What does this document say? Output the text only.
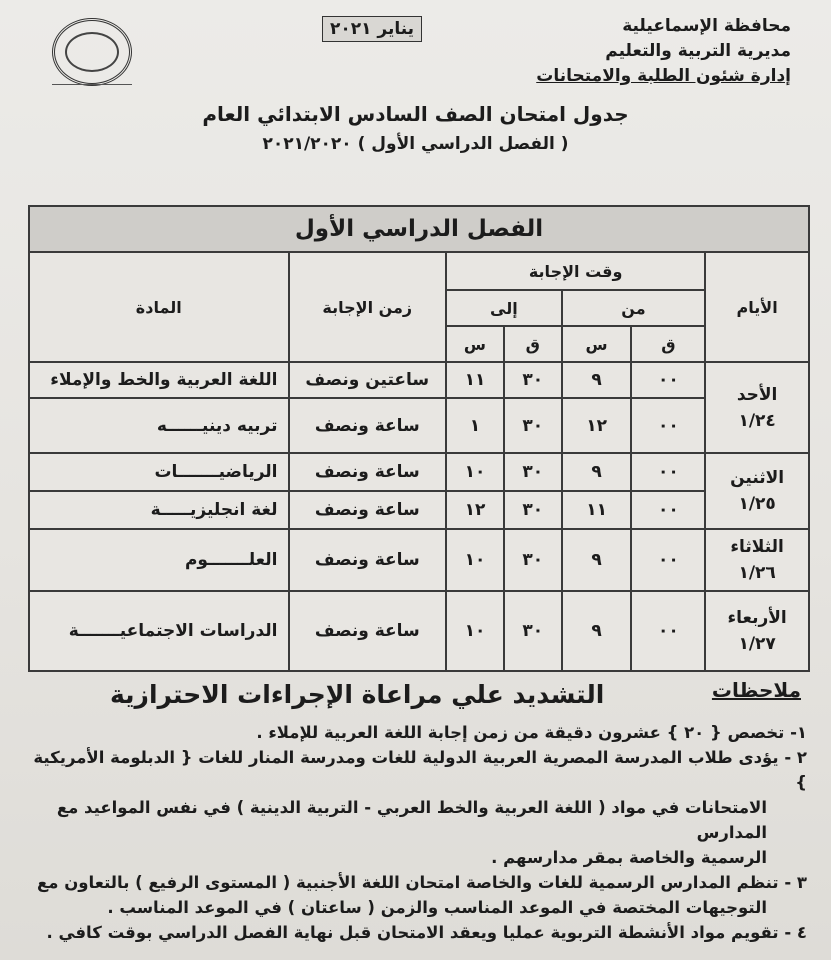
محافظة الإسماعيلية
مديرية التربية والتعليم
إدارة شئون الطلبة والامتحانات
يناير ٢٠٢١
جدول امتحان الصف السادس الابتدائي العام
( الفصل الدراسي الأول ) ٢٠٢١/٢٠٢٠
الفصل الدراسي الأول						
الأيام	وقت الإجابة				زمن الإجابة	المادة
	من		إلى			
	ق	س	ق	س		

الأحد
١/٢٤	٠٠	٩	٣٠	١١	ساعتين ونصف	اللغة العربية والخط والإملاء
	٠٠	١٢	٣٠	١	ساعة ونصف	تربيه دينيــــــه

الاثنين
١/٢٥	٠٠	٩	٣٠	١٠	ساعة ونصف	الرياضيـــــــات
	٠٠	١١	٣٠	١٢	ساعة ونصف	لغة انجليزيـــــة

الثلاثاء
١/٢٦	٠٠	٩	٣٠	١٠	ساعة ونصف	العلـــــــوم

الأربعاء
١/٢٧	٠٠	٩	٣٠	١٠	ساعة ونصف	الدراسات الاجتماعيـــــــة
ملاحظات
التشديد علي مراعاة الإجراءات الاحترازية

١- تخصص { ٢٠ } عشرون دقيقة من زمن إجابة اللغة العربية للإملاء .

٢ - يؤدى طلاب المدرسة المصرية العربية الدولية للغات ومدرسة المنار للغات { الدبلومة الأمريكية }

الامتحانات في مواد ( اللغة العربية والخط العربي - التربية الدينية ) في نفس المواعيد مع المدارس

الرسمية والخاصة بمقر مدارسهم .

٣ - تنظم المدارس الرسمية للغات والخاصة امتحان اللغة الأجنبية ( المستوى الرفيع ) بالتعاون مع

التوجيهات المختصة في الموعد المناسب والزمن ( ساعتان ) في الموعد المناسب .

٤ - تقويم مواد الأنشطة التربوية عمليا ويعقد الامتحان قبل نهاية الفصل الدراسي بوقت كافي .
